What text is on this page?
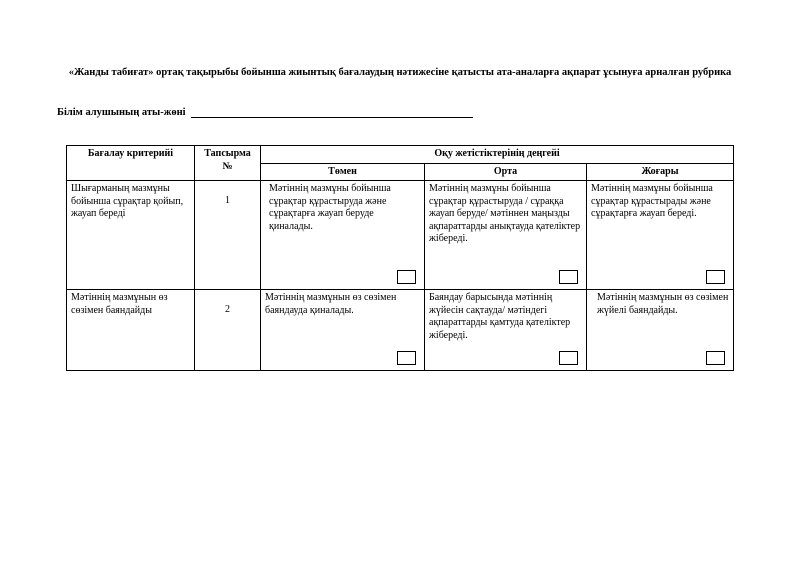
«Жанды табиғат» ортақ тақырыбы бойынша жиынтық бағалаудың нәтижесіне қатысты ата-аналарға ақпарат ұсынуға арналған рубрика
Білім алушының аты-жөні
Бағалау критерийі	Тапсырма №	Оқу жетістіктерінің деңгейі		
		Төмен	Орта	Жоғары
Шығарманың мазмұны бойынша сұрақтар қойып, жауап береді	1	Мәтіннің мазмұны бойынша сұрақтар құрастыруда және сұрақтарға жауап беруде қиналады.	Мәтіннің мазмұны бойынша сұрақтар құрастыруда / сұраққа жауап беруде/ мәтіннен маңызды ақпараттарды анықтауда қателіктер жібереді.	Мәтіннің мазмұны бойынша сұрақтар құрастырады және сұрақтарға жауап береді.

Мәтіннің мазмұнын өз сөзімен баяндайды	2	Мәтіннің мазмұнын өз сөзімен баяндауда қиналады.	Баяндау барысында мәтіннің жүйесін сақтауда/ мәтіндегі ақпараттарды қамтуда қателіктер жібереді.	Мәтіннің мазмұнын өз сөзімен жүйелі баяндайды.
